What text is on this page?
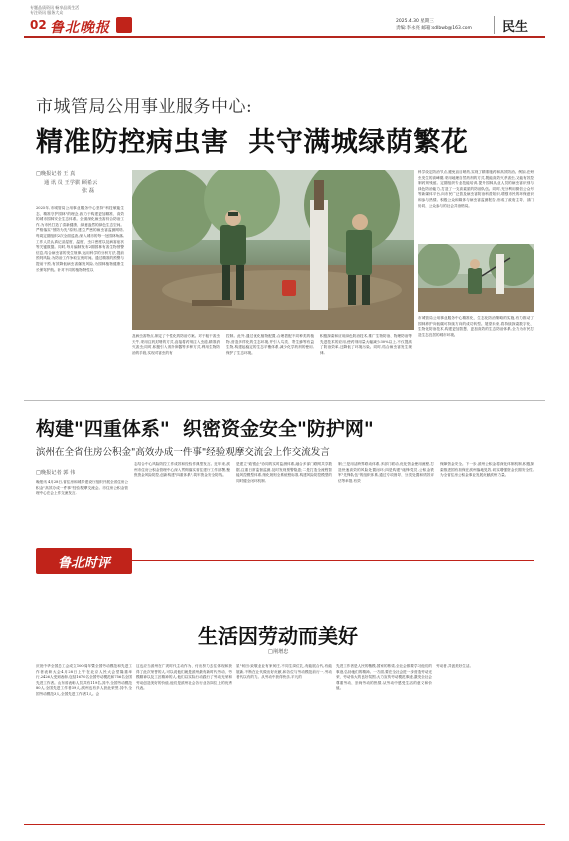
专题品质资讯 畅享品质生活
专注资讯 服务大众
02 鲁北晚报	2025.4.30 星期三
责编:李永亮 邮箱:sdlbwb@163.com 民生
市城管局公用事业服务中心:
精准防控病虫害  共守满城绿荫繁花
□晚报记者 王 真
通 讯 员 王学骐 顾希云
张 磊
2025年,市城管局公用事业服务中心坚持"科技赋能生态、精准守护园林"的理念,致力于构建更加精准、高效的城市园林安全生态体系。全面深化病虫害综合防治工作,为市民打造了清新健康、绿意盎然的绿色生态空间。严格落实"预防为先"原则,建立严密的病虫害监测网络,每周定期组织2次全面巡查,深入城市的每一处园林角落,工作人员认真记录湿度、温度、虫口密度以及病害症状等关键数据。同时,每月编制发布2期园林有害生物预警信息,结合病虫害的发生规律,运用科学的分析方法,提前预判风险,为防治工作争取宝贵时间。通过精准的预警与提前干预,有效降低病虫害爆发风险,为园林植物健康生长保驾护航。针对不同的植物特性以
及病虫害特点,制定了个性化的防治方案。对于粗干害虫天牛,采用注药封堵的方式,直接将药剂注入虫道,精准消灭害虫;同时,积极引入诱扑卵器等多种方式,利用生物防治的手段,实现对害虫的有
控制。此外,通过优化植物配置,合理搭配不同种类的植物,营造多样化的生态环境,并引入鸟类、寄生蜂等有益生物,构建起稳定的生态平衡体系,减少化学药剂的使用,保护了生态环境。
积极探索和应用绿色防治技术,推广生物防治、物理防治等先进技术的应用,使药剂用量大幅减少30%以上,不仅提高了防治效率,还降低了环境污染。同时,结合病虫害发生规律,
科学设定防治节点,避免盲目喷药,实现了精准施药和高效防治。例如,在蚜虫发生的高峰期,采用地理自然药剂的方式,既能高效灭杀害虫,又能有效控制药剂残留。定期组织专业技能培训,提升园林从业人员的病虫害识别与绿色防治能力,打造了一支高素质的防治队伍。同时,充分利用微信公众号等新媒体平台,向市民广泛普及病虫害防治科普知识,增强市民的环保意识和参与热情。积极公众和媒体与病虫害监测报告,形成了政府主导、部门协同、公众参与的社会共治格局。
市城管局公用事业服务中心精准化、生态化防治策略的实施,有力推动了园林养护向低碳可持续方向的成功转型。展望未来,将持续探索数字化、生物化防治技术,构建更加智慧、更加高效的生态防治体系,全力为市民打造生态宜居的城市环境。
构建"四重体系"  织密资金安全"防护网"
滨州在全省住房公积金"高效办成一件事"经验观摩交流会上作交流发言
□晚报记者 郭 伟
晚报讯 4月28日,省住房和城乡建设厅组织开展全省住房公积金"高效办成一件事"经验观摩交流会。市住房公积金管理中心在会上作交流发言,
志结合中心风险防控工作成效和经验作典型发言。近年来,滨州市住房公积金管理中心深入贯彻落实省住建厅工作部署,聚焦资金风险防控,创新构建"四重体系",筑牢资金安全防线。
是建立"政银企"协同的实时监测体系,融合多部门联网共享数据,注重日常监督监测,及时发现预警隐患;二是打造全流程智能风控模型体系,细化规则全系统程标准,构建风险防控模型的同时健全闭环机制,
制;三是用活跨界联动体系,多部门联动,优化资金使用流程,打造快速高效的风险处置闭环;四是构建"砥锋党员,公积金铁军"先锋队伍"的组织体系,通过专项督导、分类处置和绩效评估等举措,有效
保障资金安全。下一步,滨州公积金将深化体制机制,积极探索推进国有担保在滨州落地见效,切实增强资金长期安全性,为全省住房公积金事业发展贡献滨州力量。
鲁北时评
生活因劳动而美好
□荆增忠
庆祝中华全国总工会成立100周年暨全国劳动模范和先进工作者表彰大会4月28日上午在北京人民大会堂隆重举行,2426人受到表彰,包括1670名全国劳动模范和756名全国先进工作者。山东省表彰人员共有119名,其中,全国劳动模范80人,全国先进工作者39人,滨州也有多人获此荣誉,其中,全国劳动模范3人,全国先进工作者1人。会
这也应当滨州在广袤时代主动作为、付出努力去往体现和获得了此次荣誉的人,可以说他们就是滨州最有新时代劳动、劳模精神以及工匠精神的人,他们以实际行动践行了劳动光荣和劳动创造美好的价值,他们是滨州社会各行业各岗位上的优秀代表。
星"何田:致敬业业有家何庄,不同生岗位扎,有能展合代,有能展新,不断在让代做出好贡献,和各位与劳动模范前行一,劳动者代以有的力。从劳动中获得快乐,平凡的
先进工作者是人民的楷模,国家的栋梁,全社会都要学习他们的事迹,弘扬他们的精神。一方面,要在全社会进一步营造劳动光荣、劳动伟大的良好氛围,大力宣传劳动模范事迹,激发全社会尊重劳动、崇尚劳动的热情,从劳动中感受生活的意义和价值。
劳动者,共创美好生活。
